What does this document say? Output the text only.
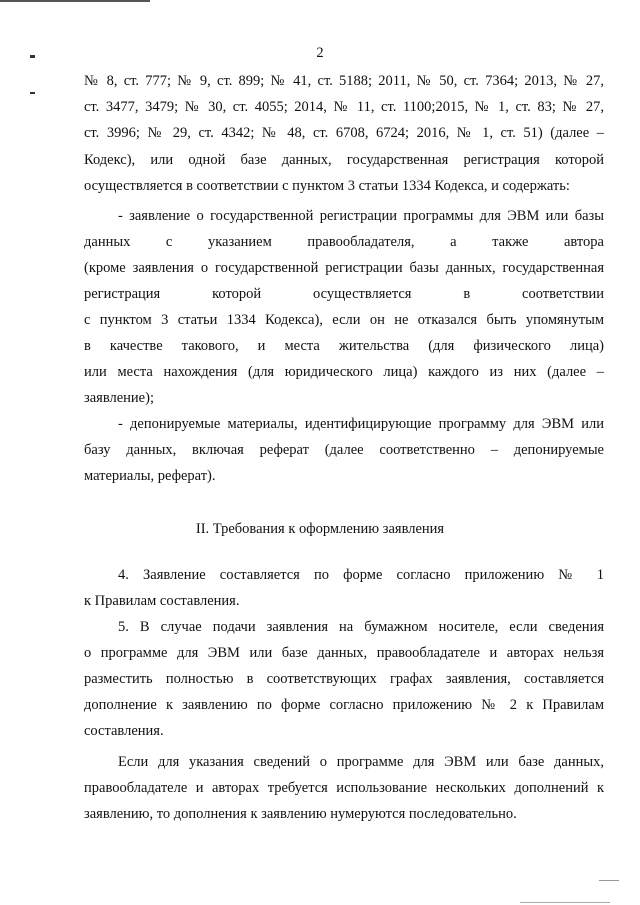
2
№ 8, ст. 777; № 9, ст. 899; № 41, ст. 5188; 2011, № 50, ст. 7364; 2013, № 27,
ст. 3477, 3479; № 30, ст. 4055; 2014, № 11, ст. 1100;2015, № 1, ст. 83; № 27,
ст. 3996; № 29, ст. 4342; № 48, ст. 6708, 6724; 2016, № 1, ст. 51) (далее –
Кодекс), или одной базе данных, государственная регистрация которой
осуществляется в соответствии с пунктом 3 статьи 1334 Кодекса, и содержать:
- заявление о государственной регистрации программы для ЭВМ или базы
данных с указанием правообладателя, а также автора
(кроме заявления о государственной регистрации базы данных, государственная
регистрация которой осуществляется в соответствии
с пунктом 3 статьи 1334 Кодекса), если он не отказался быть упомянутым
в качестве такового, и места жительства (для физического лица)
или места нахождения (для юридического лица) каждого из них (далее –
заявление);
- депонируемые материалы, идентифицирующие программу для ЭВМ или
базу данных, включая реферат (далее соответственно – депонируемые
материалы, реферат).
II. Требования к оформлению заявления
4. Заявление составляется по форме согласно приложению № 1
к Правилам составления.
5. В случае подачи заявления на бумажном носителе, если сведения
о программе для ЭВМ или базе данных, правообладателе и авторах нельзя
разместить полностью в соответствующих графах заявления, составляется
дополнение к заявлению по форме согласно приложению № 2 к Правилам
составления.
Если для указания сведений о программе для ЭВМ или базе данных,
правообладателе и авторах требуется использование нескольких дополнений к
заявлению, то дополнения к заявлению нумеруются последовательно.
